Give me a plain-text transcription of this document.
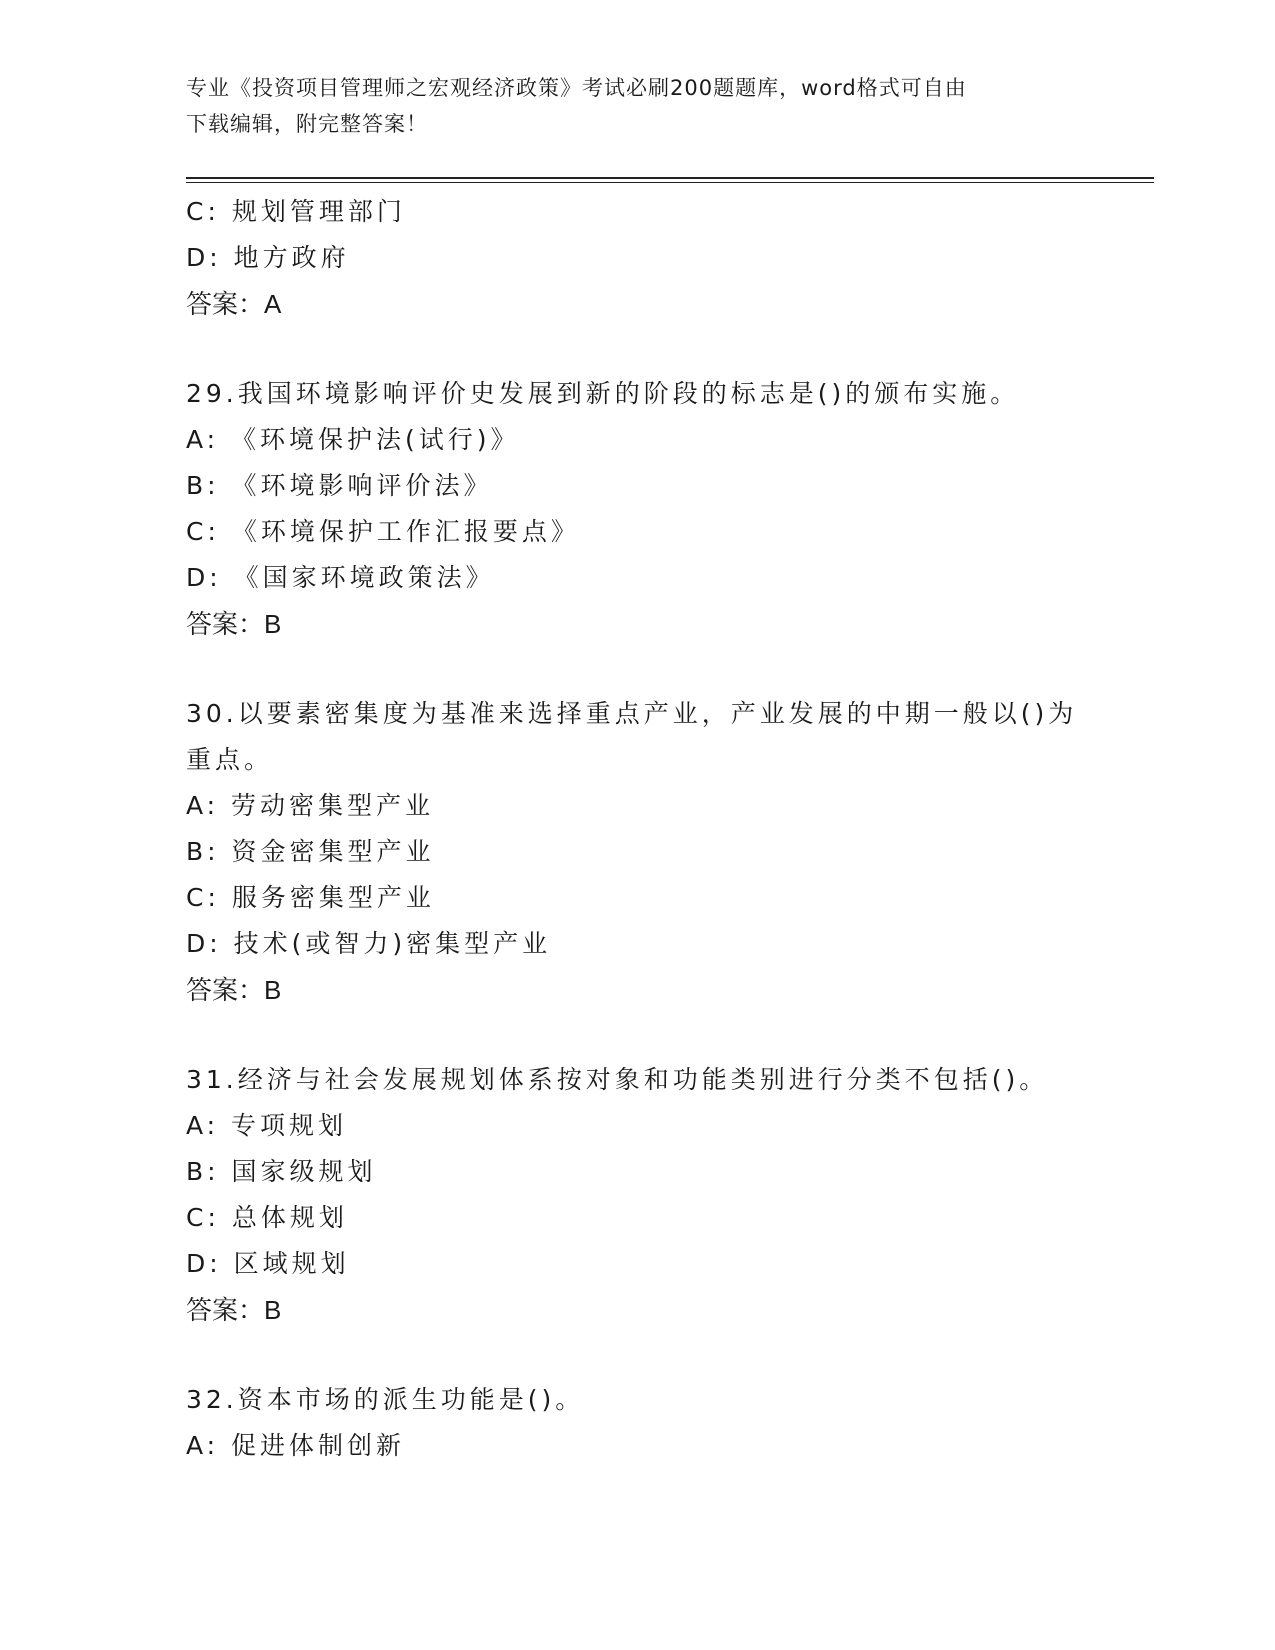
专业《投资项目管理师之宏观经济政策》考试必刷200题题库，word格式可自由
下载编辑，附完整答案！
C: 规划管理部门
D: 地方政府
答案：A
29.我国环境影响评价史发展到新的阶段的标志是()的颁布实施。
A: 《环境保护法(试行)》
B: 《环境影响评价法》
C: 《环境保护工作汇报要点》
D: 《国家环境政策法》
答案：B
30.以要素密集度为基准来选择重点产业，产业发展的中期一般以()为
重点。
A: 劳动密集型产业
B: 资金密集型产业
C: 服务密集型产业
D: 技术(或智力)密集型产业
答案：B
31.经济与社会发展规划体系按对象和功能类别进行分类不包括()。
A: 专项规划
B: 国家级规划
C: 总体规划
D: 区域规划
答案：B
32.资本市场的派生功能是()。
A: 促进体制创新
